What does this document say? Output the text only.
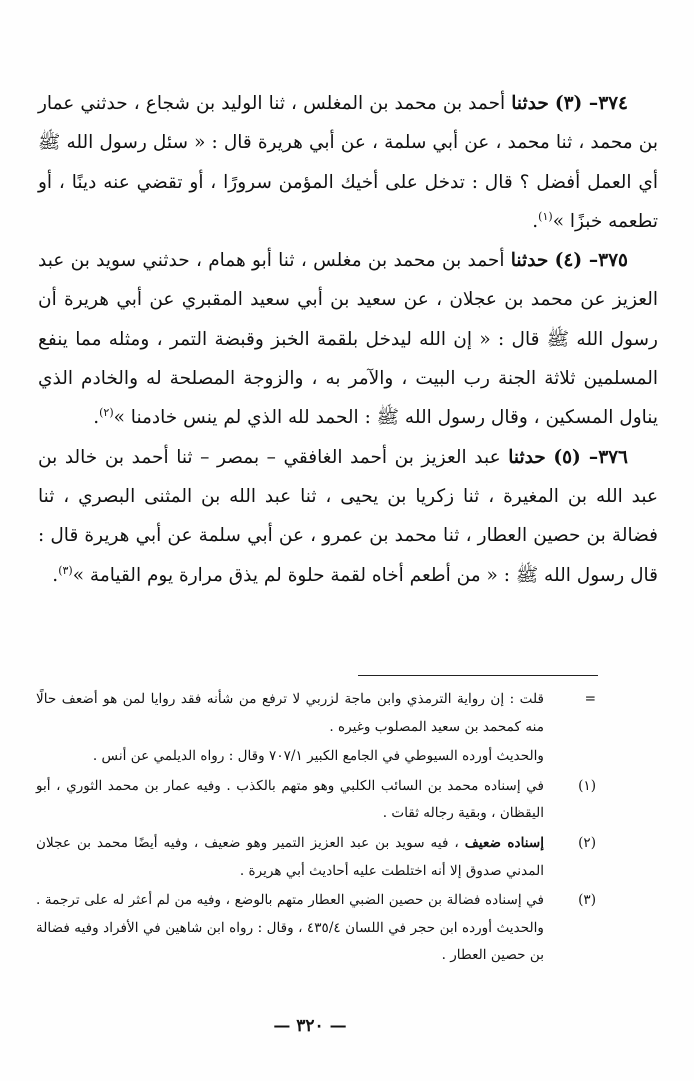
٣٧٤– (٣) حدثنا أحمد بن محمد بن المغلس ، ثنا الوليد بن شجاع ، حدثني عمار بن محمد ، ثنا محمد ، عن أبي سلمة ، عن أبي هريرة قال : « سئل رسول الله ﷺ أي العمل أفضل ؟ قال : تدخل على أخيك المؤمن سرورًا ، أو تقضي عنه دينًا ، أو تطعمه خبزًا »$^{(١)}$.

٣٧٥– (٤) حدثنا أحمد بن محمد بن مغلس ، ثنا أبو همام ، حدثني سويد بن عبد العزيز عن محمد بن عجلان ، عن سعيد بن أبي سعيد المقبري عن أبي هريرة أن رسول الله ﷺ قال : « إن الله ليدخل بلقمة الخبز وقبضة التمر ، ومثله مما ينفع المسلمين ثلاثة الجنة رب البيت ، والآمر به ، والزوجة المصلحة له والخادم الذي يناول المسكين ، وقال رسول الله ﷺ : الحمد لله الذي لم ينس خادمنا »$^{(٢)}$.

٣٧٦– (٥) حدثنا عبد العزيز بن أحمد الغافقي – بمصر – ثنا أحمد بن خالد بن عبد الله بن المغيرة ، ثنا زكريا بن يحيى ، ثنا عبد الله بن المثنى البصري ، ثنا فضالة بن حصين العطار ، ثنا محمد بن عمرو ، عن أبي سلمة عن أبي هريرة قال : قال رسول الله ﷺ : « من أطعم أخاه لقمة حلوة لم يذق مرارة يوم القيامة »$^{(٣)}$.

=
قلت : إن رواية الترمذي وابن ماجة لزربي لا ترفع من شأنه فقد روايا لمن هو أضعف حالًا منه كمحمد بن سعيد المصلوب وغيره .
والحديث أورده السيوطي في الجامع الكبير ٧٠٧/١ وقال : رواه الديلمي عن أنس .
(١)
في إسناده محمد بن السائب الكلبي وهو متهم بالكذب . وفيه عمار بن محمد الثوري ، أبو اليقظان ، وبقية رجاله ثقات .
(٢)
إسناده ضعيف ، فيه سويد بن عبد العزيز التمير وهو ضعيف ، وفيه أيضًا محمد بن عجلان المدني صدوق إلا أنه اختلطت عليه أحاديث أبي هريرة .
(٣)
في إسناده فضالة بن حصين الضبي العطار متهم بالوضع ، وفيه من لم أعثر له على ترجمة . والحديث أورده ابن حجر في اللسان ٤٣٥/٤ ، وقال : رواه ابن شاهين في الأفراد وفيه فضالة بن حصين العطار .
— ٣٢٠ —
